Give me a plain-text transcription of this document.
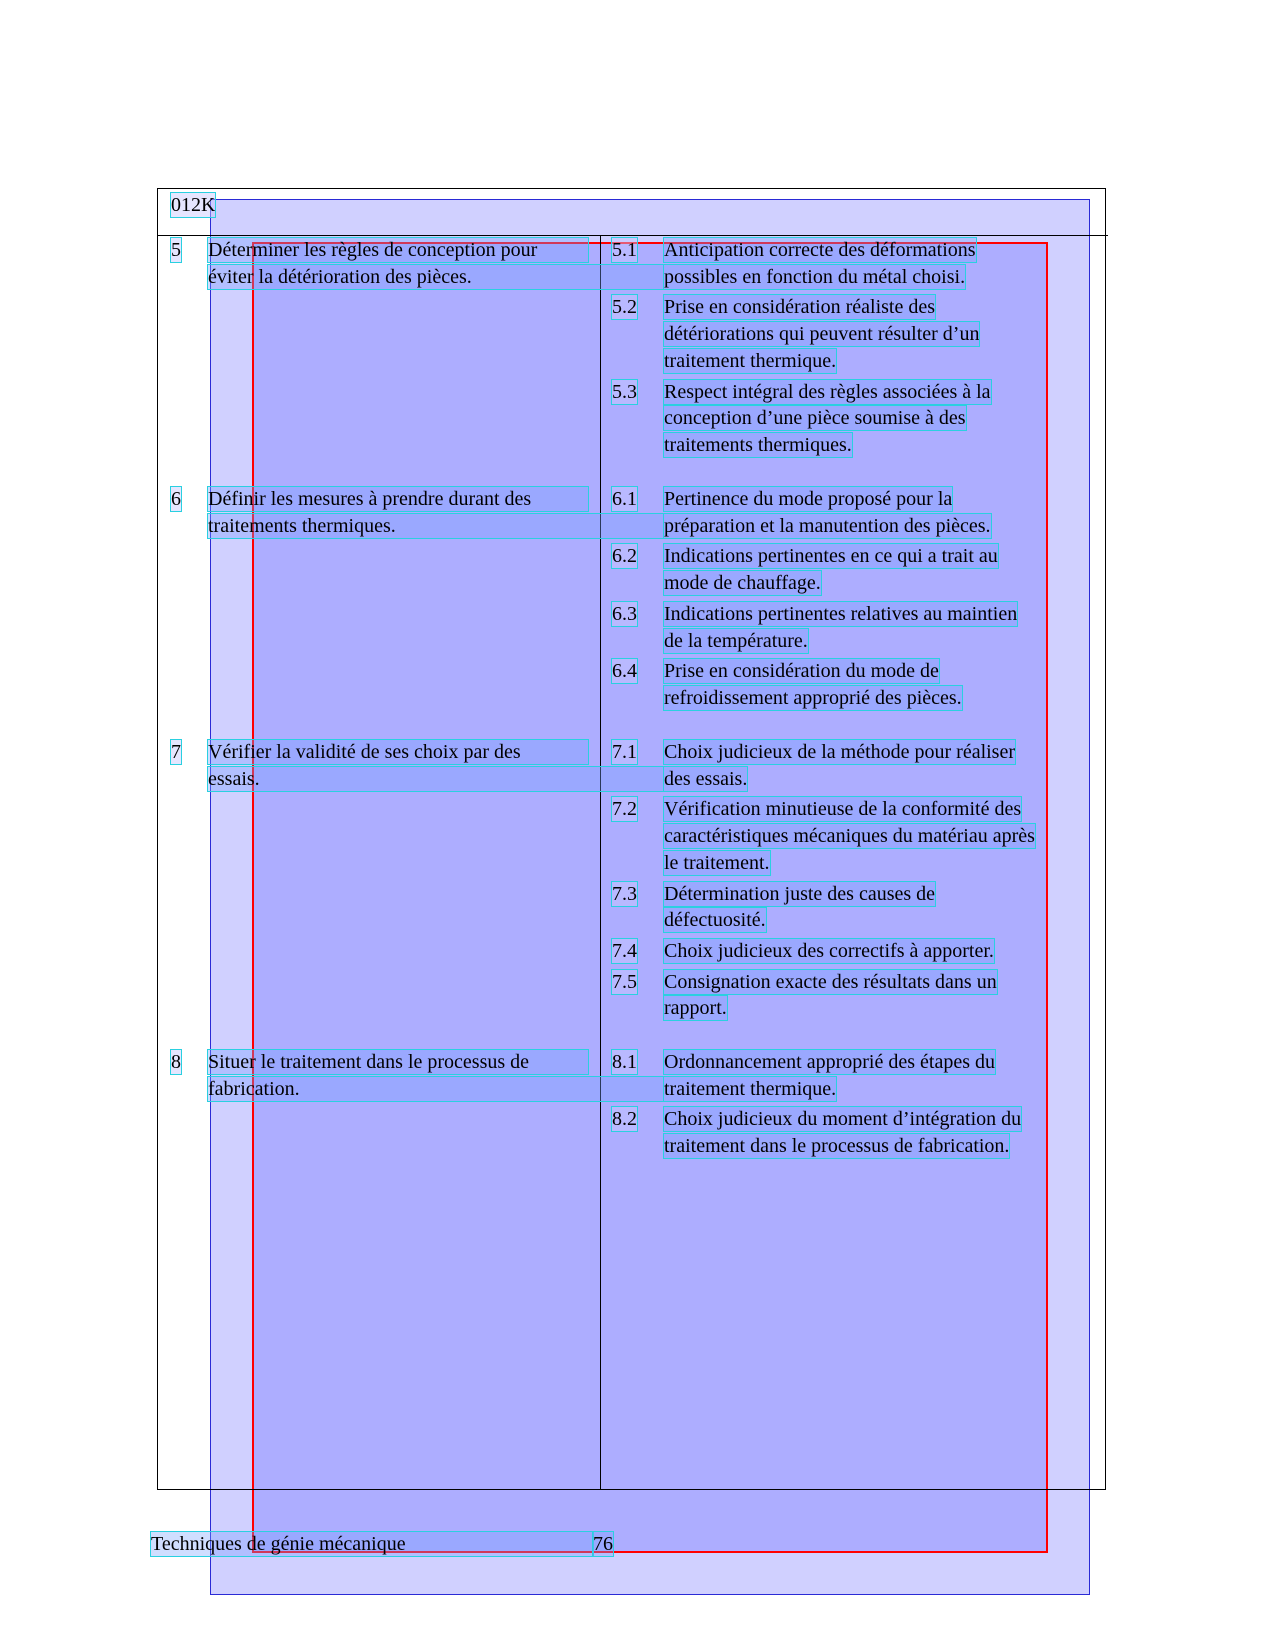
012K
5 Déterminer les règles de conception pour
éviter la détérioration des pièces.
5.1 Anticipation correcte des déformations
possibles en fonction du métal choisi.
5.2 Prise en considération réaliste des
détériorations qui peuvent résulter d’un
traitement thermique.
5.3 Respect intégral des règles associées à la
conception d’une pièce soumise à des
traitements thermiques.
6 Définir les mesures à prendre durant des
traitements thermiques.
6.1 Pertinence du mode proposé pour la
préparation et la manutention des pièces.
6.2 Indications pertinentes en ce qui a trait au
mode de chauffage.
6.3 Indications pertinentes relatives au maintien
de la température.
6.4 Prise en considération du mode de
refroidissement approprié des pièces.
7 Vérifier la validité de ses choix par des
essais.
7.1 Choix judicieux de la méthode pour réaliser
des essais.
7.2 Vérification minutieuse de la conformité des
caractéristiques mécaniques du matériau après
le traitement.
7.3 Détermination juste des causes de
défectuosité.
7.4 Choix judicieux des correctifs à apporter.
7.5 Consignation exacte des résultats dans un
rapport.
8 Situer le traitement dans le processus de
fabrication.
8.1 Ordonnancement approprié des étapes du
traitement thermique.
8.2 Choix judicieux du moment d’intégration du
traitement dans le processus de fabrication.
Techniques de génie mécanique	76
